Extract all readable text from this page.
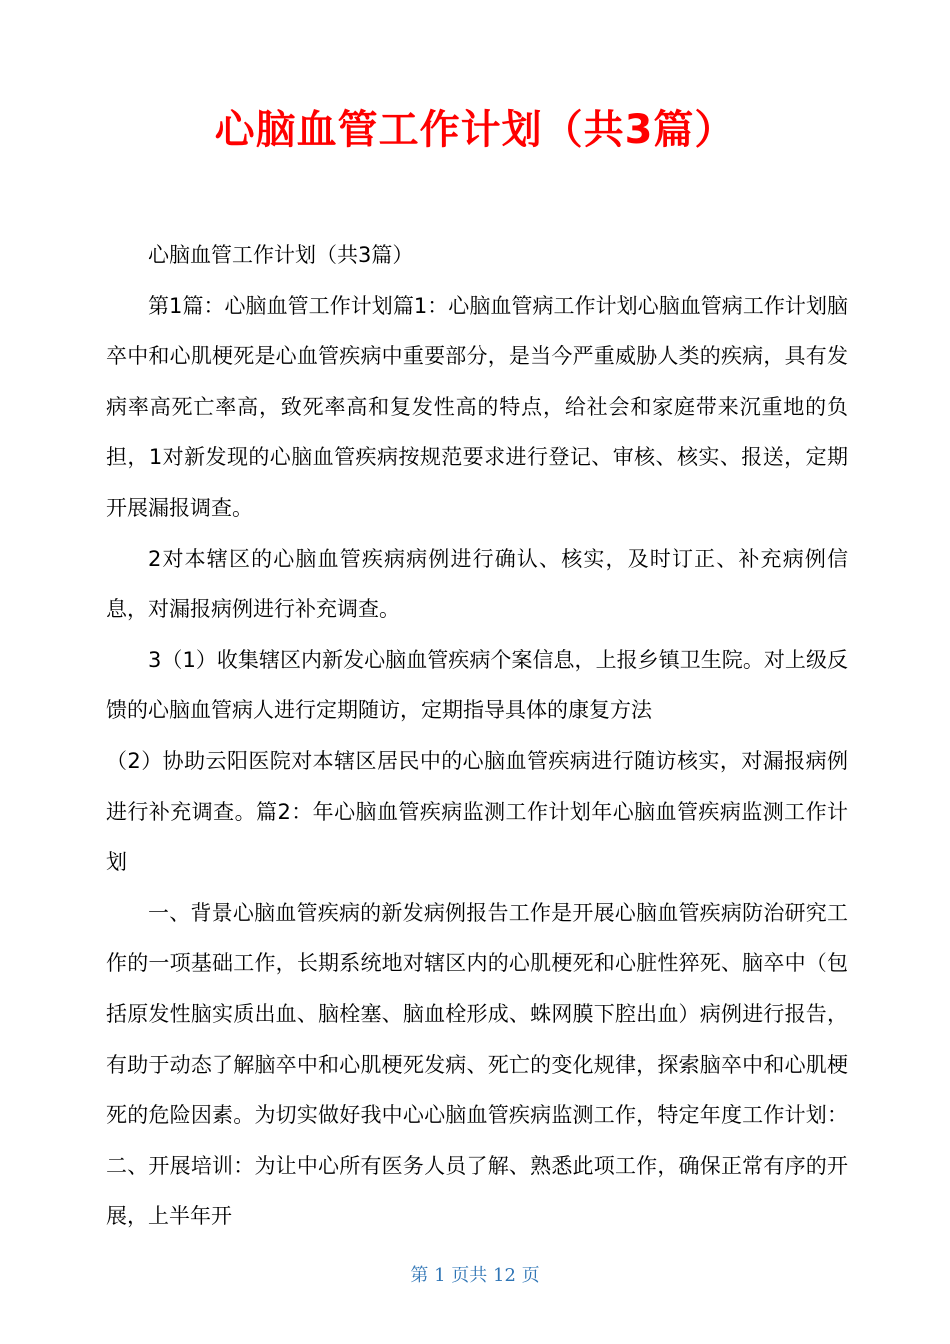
心脑血管工作计划（共3篇）

心脑血管工作计划（共3篇）

第1篇：心脑血管工作计划篇1：心脑血管病工作计划心脑血管病工作计划脑卒中和心肌梗死是心血管疾病中重要部分，是当今严重威胁人类的疾病，具有发病率高死亡率高，致死率高和复发性高的特点，给社会和家庭带来沉重地的负担，1对新发现的心脑血管疾病按规范要求进行登记、审核、核实、报送，定期开展漏报调查。

2对本辖区的心脑血管疾病病例进行确认、核实，及时订正、补充病例信息，对漏报病例进行补充调查。

3（1）收集辖区内新发心脑血管疾病个案信息，上报乡镇卫生院。对上级反馈的心脑血管病人进行定期随访，定期指导具体的康复方法

（2）协助云阳医院对本辖区居民中的心脑血管疾病进行随访核实，对漏报病例进行补充调查。篇2：年心脑血管疾病监测工作计划年心脑血管疾病监测工作计划

一、背景心脑血管疾病的新发病例报告工作是开展心脑血管疾病防治研究工作的一项基础工作，长期系统地对辖区内的心肌梗死和心脏性猝死、脑卒中（包括原发性脑实质出血、脑栓塞、脑血栓形成、蛛网膜下腔出血）病例进行报告，有助于动态了解脑卒中和心肌梗死发病、死亡的变化规律，探索脑卒中和心肌梗死的危险因素。为切实做好我中心心脑血管疾病监测工作，特定年度工作计划：二、开展培训：为让中心所有医务人员了解、熟悉此项工作，确保正常有序的开展，上半年开

第 1 页共 12 页
